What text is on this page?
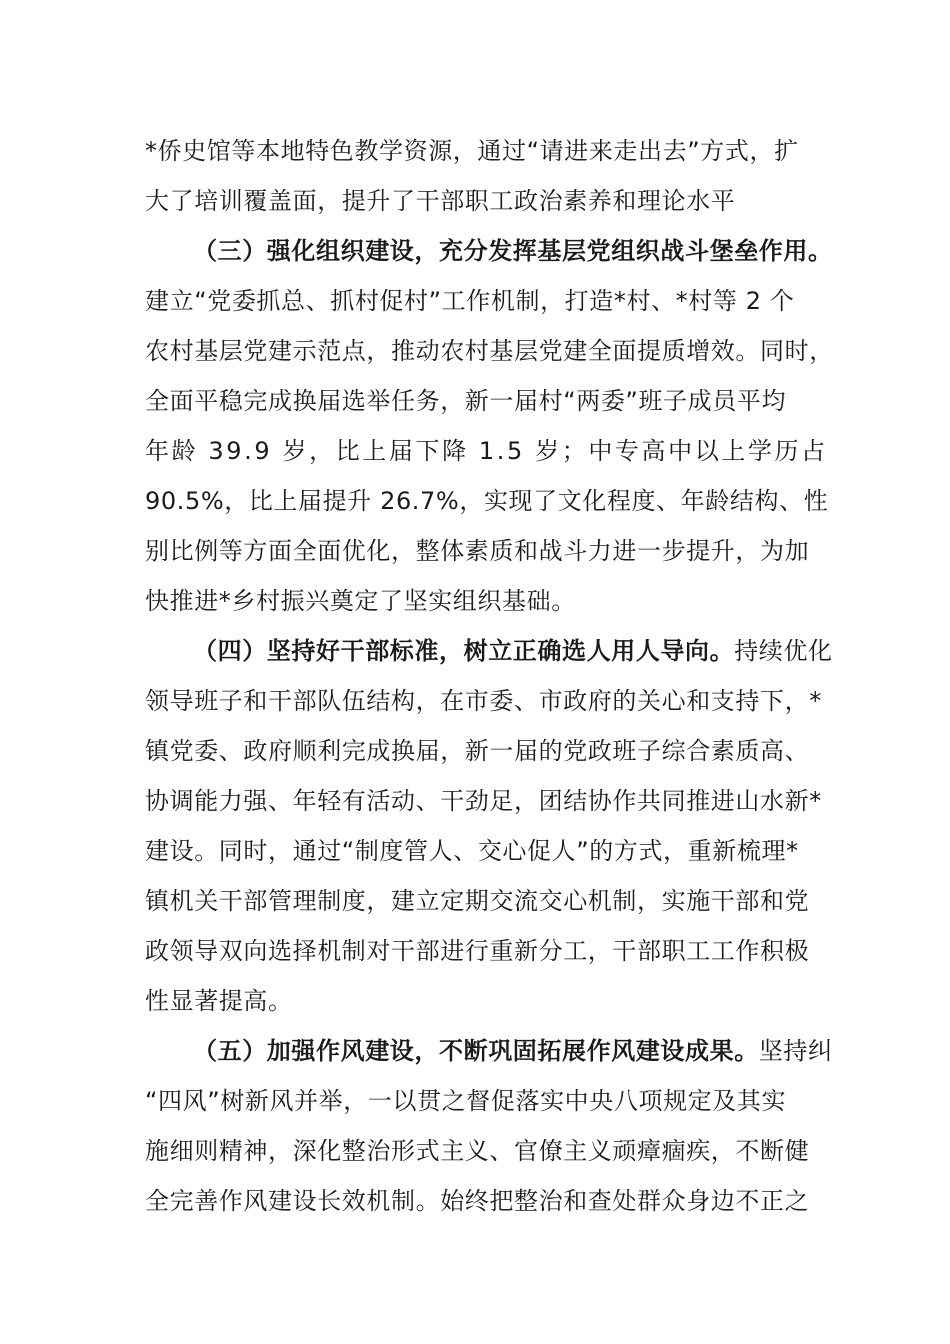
*侨史馆等本地特色教学资源，通过“请进来走出去”方式，扩
大了培训覆盖面，提升了干部职工政治素养和理论水平
（三）强化组织建设，充分发挥基层党组织战斗堡垒作用。
建立“党委抓总、抓村促村”工作机制，打造*村、*村等 2 个
农村基层党建示范点，推动农村基层党建全面提质增效。同时，
全面平稳完成换届选举任务，新一届村“两委”班子成员平均
年龄 39.9 岁，比上届下降 1.5 岁；中专高中以上学历占
90.5%，比上届提升 26.7%，实现了文化程度、年龄结构、性
别比例等方面全面优化，整体素质和战斗力进一步提升，为加
快推进*乡村振兴奠定了坚实组织基础。
（四）坚持好干部标准，树立正确选人用人导向。持续优化
领导班子和干部队伍结构，在市委、市政府的关心和支持下，*
镇党委、政府顺利完成换届，新一届的党政班子综合素质高、
协调能力强、年轻有活动、干劲足，团结协作共同推进山水新*
建设。同时，通过“制度管人、交心促人”的方式，重新梳理*
镇机关干部管理制度，建立定期交流交心机制，实施干部和党
政领导双向选择机制对干部进行重新分工，干部职工工作积极
性显著提高。
（五）加强作风建设，不断巩固拓展作风建设成果。坚持纠
“四风”树新风并举，一以贯之督促落实中央八项规定及其实
施细则精神，深化整治形式主义、官僚主义顽瘴痼疾，不断健
全完善作风建设长效机制。始终把整治和查处群众身边不正之
